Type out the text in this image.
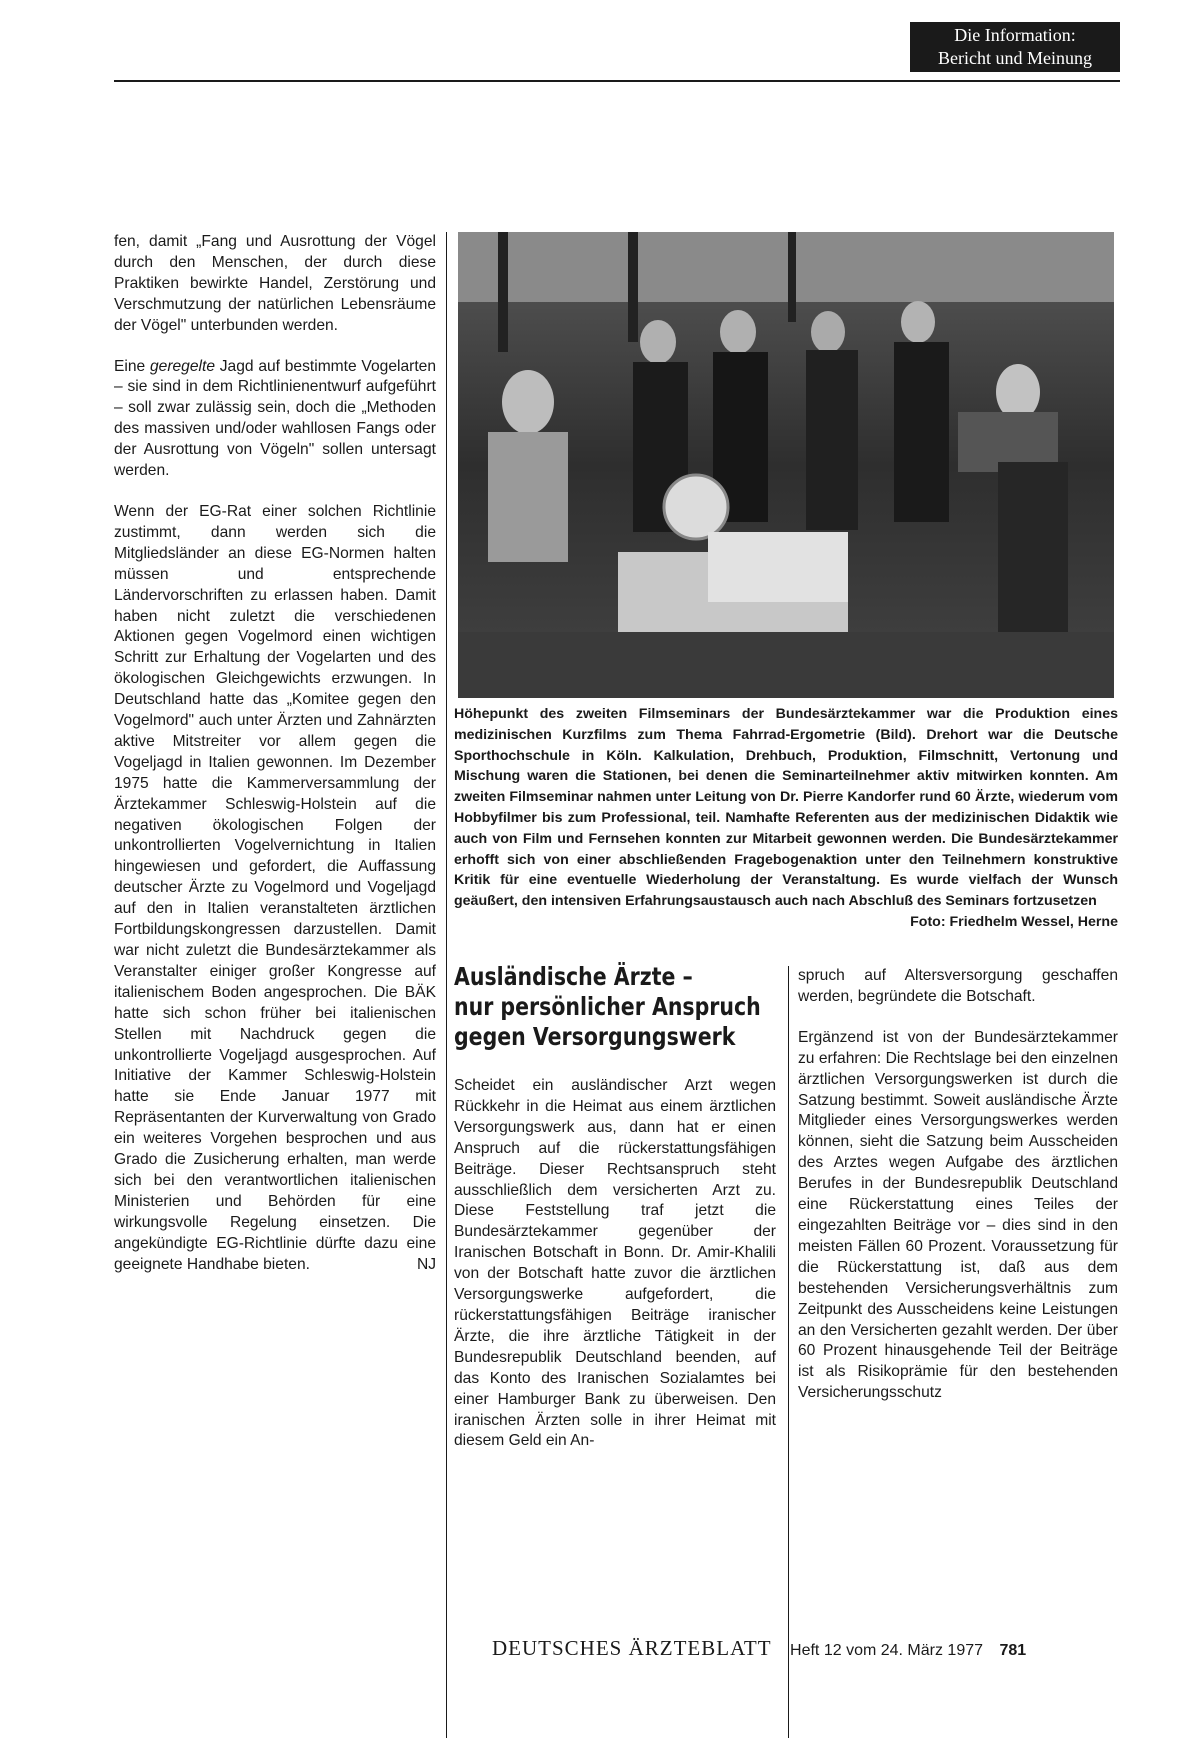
Die Information:
Bericht und Meinung

fen, damit „Fang und Ausrottung der Vögel durch den Menschen, der durch diese Praktiken bewirkte Handel, Zerstörung und Verschmutzung der natürlichen Lebensräume der Vögel" unterbunden werden.

Eine geregelte Jagd auf bestimmte Vogelarten – sie sind in dem Richtlinienentwurf aufgeführt – soll zwar zulässig sein, doch die „Methoden des massiven und/oder wahllosen Fangs oder der Ausrottung von Vögeln" sollen untersagt werden.

Wenn der EG-Rat einer solchen Richtlinie zustimmt, dann werden sich die Mitgliedsländer an diese EG-Normen halten müssen und entsprechende Ländervorschriften zu erlassen haben. Damit haben nicht zuletzt die verschiedenen Aktionen gegen Vogelmord einen wichtigen Schritt zur Erhaltung der Vogelarten und des ökologischen Gleichgewichts erzwungen. In Deutschland hatte das „Komitee gegen den Vogelmord" auch unter Ärzten und Zahnärzten aktive Mitstreiter vor allem gegen die Vogeljagd in Italien gewonnen. Im Dezember 1975 hatte die Kammerversammlung der Ärztekammer Schleswig-Holstein auf die negativen ökologischen Folgen der unkontrollierten Vogelvernichtung in Italien hingewiesen und gefordert, die Auffassung deutscher Ärzte zu Vogelmord und Vogeljagd auf den in Italien veranstalteten ärztlichen Fortbildungskongressen darzustellen. Damit war nicht zuletzt die Bundesärztekammer als Veranstalter einiger großer Kongresse auf italienischem Boden angesprochen. Die BÄK hatte sich schon früher bei italienischen Stellen mit Nachdruck gegen die unkontrollierte Vogeljagd ausgesprochen. Auf Initiative der Kammer Schleswig-Holstein hatte sie Ende Januar 1977 mit Repräsentanten der Kurverwaltung von Grado ein weiteres Vorgehen besprochen und aus Grado die Zusicherung erhalten, man werde sich bei den verantwortlichen italienischen Ministerien und Behörden für eine wirkungsvolle Regelung einsetzen. Die angekündigte EG-Richtlinie dürfte dazu eine geeignete Handhabe bieten.	NJ

Höhepunkt des zweiten Filmseminars der Bundesärztekammer war die Produktion eines medizinischen Kurzfilms zum Thema Fahrrad-Ergometrie (Bild). Drehort war die Deutsche Sporthochschule in Köln. Kalkulation, Drehbuch, Produktion, Filmschnitt, Vertonung und Mischung waren die Stationen, bei denen die Seminarteilnehmer aktiv mitwirken konnten. Am zweiten Filmseminar nahmen unter Leitung von Dr. Pierre Kandorfer rund 60 Ärzte, wiederum vom Hobbyfilmer bis zum Professional, teil. Namhafte Referenten aus der medizinischen Didaktik wie auch von Film und Fernsehen konnten zur Mitarbeit gewonnen werden. Die Bundesärztekammer erhofft sich von einer abschließenden Fragebogenaktion unter den Teilnehmern konstruktive Kritik für eine eventuelle Wiederholung der Veranstaltung. Es wurde vielfach der Wunsch geäußert, den intensiven Erfahrungsaustausch auch nach Abschluß des Seminars fortzusetzen
Foto: Friedhelm Wessel, Herne
Ausländische Ärzte –
nur persönlicher Anspruch
gegen Versorgungswerk

Scheidet ein ausländischer Arzt wegen Rückkehr in die Heimat aus einem ärztlichen Versorgungswerk aus, dann hat er einen Anspruch auf die rückerstattungsfähigen Beiträge. Dieser Rechtsanspruch steht ausschließlich dem versicherten Arzt zu. Diese Feststellung traf jetzt die Bundesärztekammer gegenüber der Iranischen Botschaft in Bonn. Dr. Amir-Khalili von der Botschaft hatte zuvor die ärztlichen Versorgungswerke aufgefordert, die rückerstattungsfähigen Beiträge iranischer Ärzte, die ihre ärztliche Tätigkeit in der Bundesrepublik Deutschland beenden, auf das Konto des Iranischen Sozialamtes bei einer Hamburger Bank zu überweisen. Den iranischen Ärzten solle in ihrer Heimat mit diesem Geld ein An-

spruch auf Altersversorgung geschaffen werden, begründete die Botschaft.

Ergänzend ist von der Bundesärztekammer zu erfahren: Die Rechtslage bei den einzelnen ärztlichen Versorgungswerken ist durch die Satzung bestimmt. Soweit ausländische Ärzte Mitglieder eines Versorgungswerkes werden können, sieht die Satzung beim Ausscheiden des Arztes wegen Aufgabe des ärztlichen Berufes in der Bundesrepublik Deutschland eine Rückerstattung eines Teiles der eingezahlten Beiträge vor – dies sind in den meisten Fällen 60 Prozent. Voraussetzung für die Rückerstattung ist, daß aus dem bestehenden Versicherungsverhältnis zum Zeitpunkt des Ausscheidens keine Leistungen an den Versicherten gezahlt werden. Der über 60 Prozent hinausgehende Teil der Beiträge ist als Risikoprämie für den bestehenden Versicherungsschutz

DEUTSCHES ÄRZTEBLATT Heft 12 vom 24. März 1977 781
